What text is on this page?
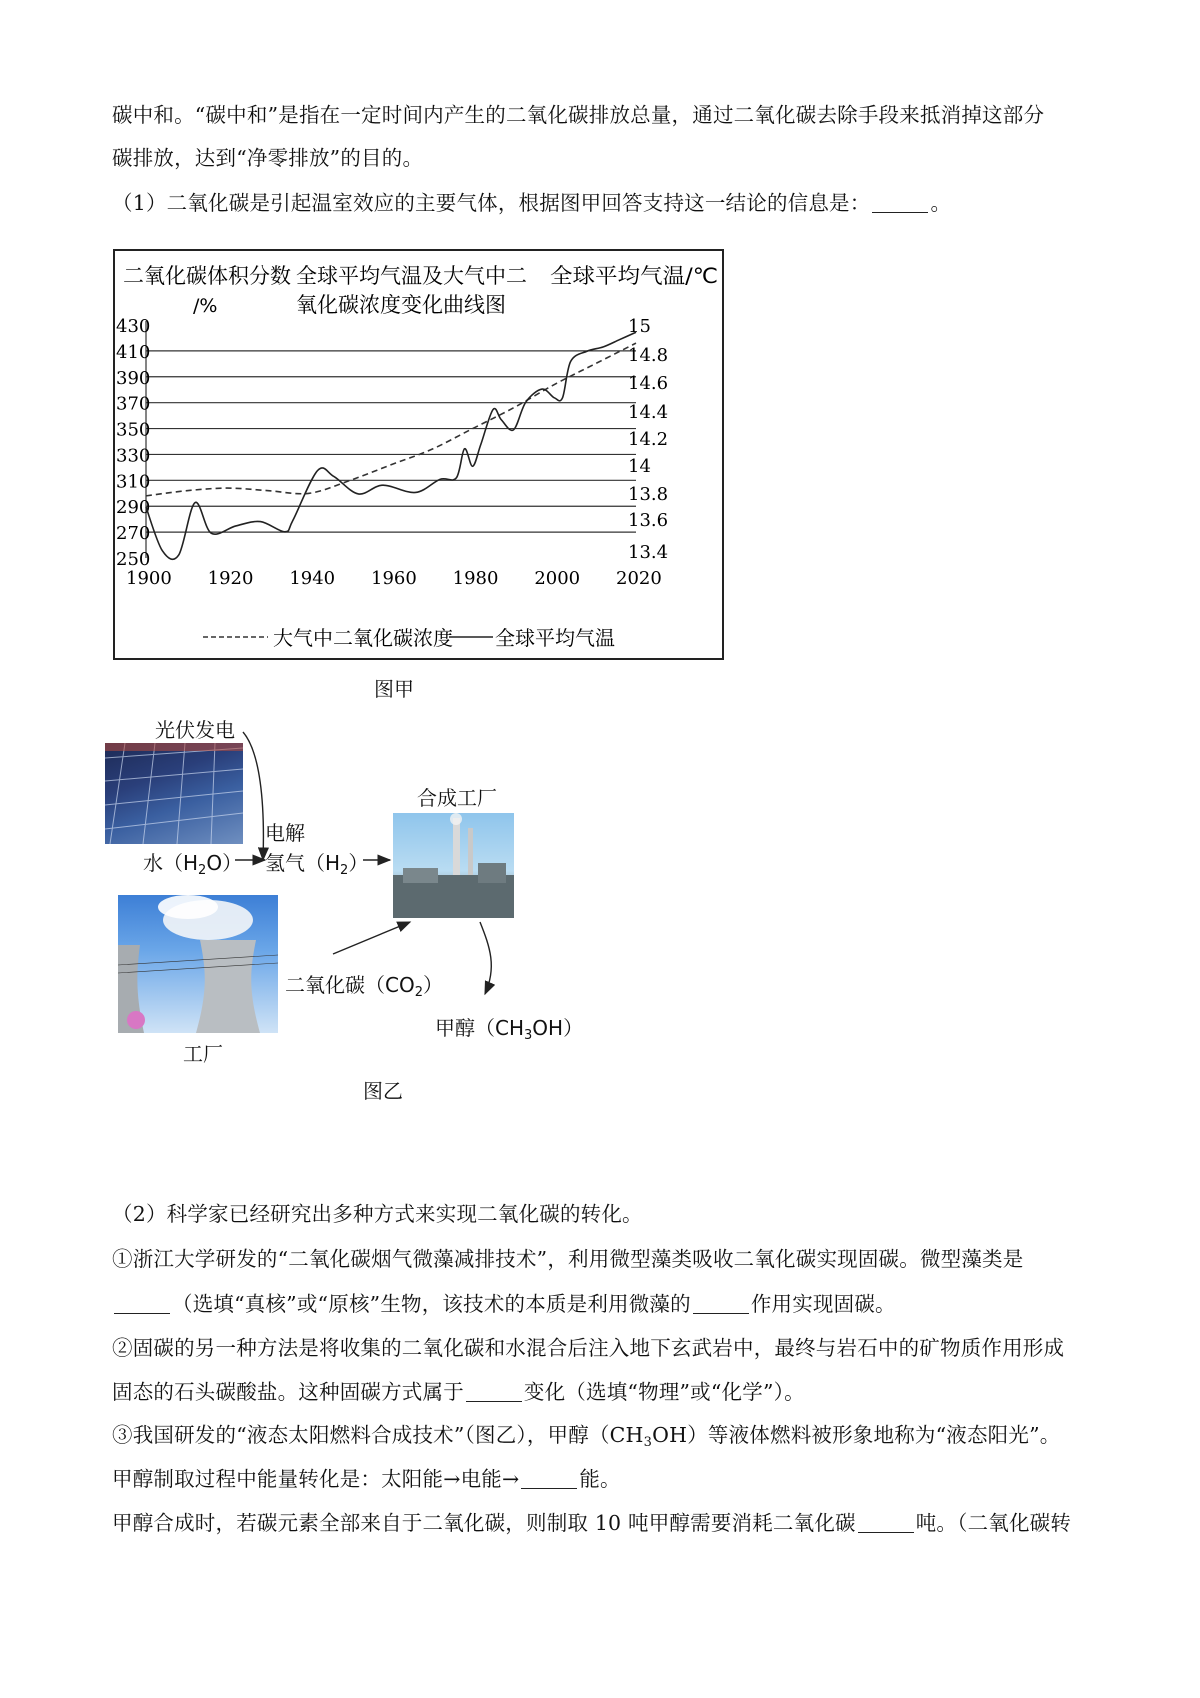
碳中和。“碳中和”是指在一定时间内产生的二氧化碳排放总量，通过二氧化碳去除手段来抵消掉这部分
碳排放，达到“净零排放”的目的。
（1）二氧化碳是引起温室效应的主要气体，根据图甲回答支持这一结论的信息是：	。
430
410
390
370
350
330
310
290
270
250
15
14.8
14.6
14.4
14.2
14
13.8
13.6
13.4
1900 1920 1940 1960 1980 2000 2020
二氧化碳体积分数
/%
全球平均气温及大气中二
氧化碳浓度变化曲线图
全球平均气温/℃
大气中二氧化碳浓度 全球平均气温
图甲
光伏发电
电解
水$(H_2O)$ 氢气$(H_2)$
合成工厂
二氧化碳$(CO_2)$
甲醇$(CH_3OH)$
工厂
图乙
（2）科学家已经研究出多种方式来实现二氧化碳的转化。
①浙江大学研发的“二氧化碳烟气微藻减排技术”，利用微型藻类吸收二氧化碳实现固碳。微型藻类是
（选填“真核”或“原核”生物，该技术的本质是利用微藻的	作用实现固碳。
②固碳的另一种方法是将收集的二氧化碳和水混合后注入地下玄武岩中，最终与岩石中的矿物质作用形成
固态的石头碳酸盐。这种固碳方式属于	变化（选填“物理”或“化学”）。
③我国研发的“液态太阳燃料合成技术”（图乙），甲醇$(CH_3OH)$等液体燃料被形象地称为“液态阳光”。
甲醇制取过程中能量转化是：太阳能→电能→	能。
甲醇合成时，若碳元素全部来自于二氧化碳，则制取 10 吨甲醇需要消耗二氧化碳	吨。（二氧化碳转
